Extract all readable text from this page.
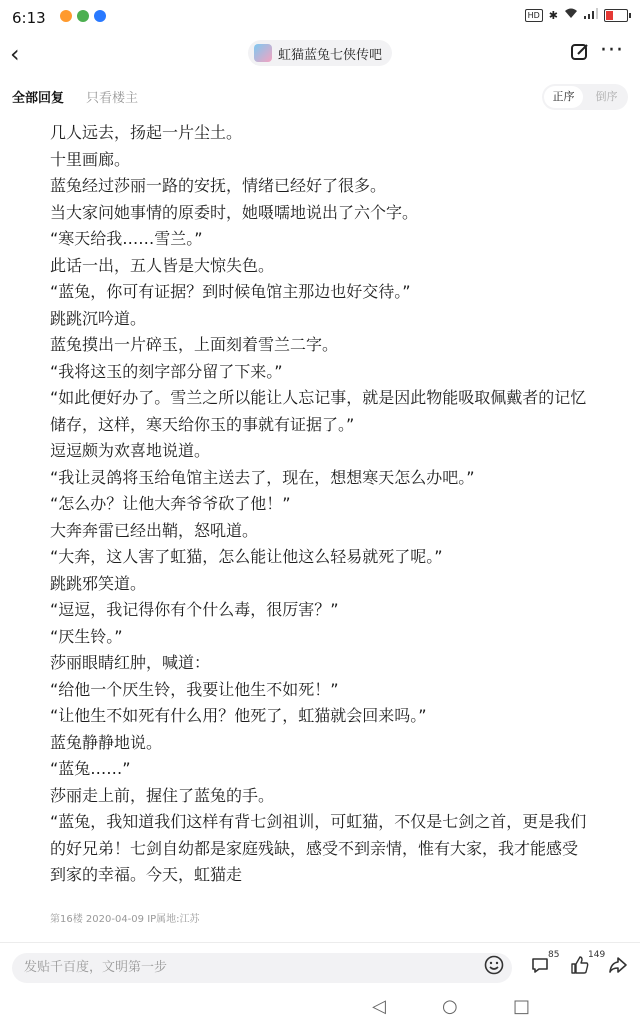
6:13	HD ✱
‹	虹猫蓝兔七侠传吧	···
全部回复 只看楼主	正序	倒序
几人远去，扬起一片尘土。
十里画廊。
蓝兔经过莎丽一路的安抚，情绪已经好了很多。
当大家问她事情的原委时，她嗫嚅地说出了六个字。
“寒天给我……雪兰。”
此话一出，五人皆是大惊失色。
“蓝兔，你可有证据？到时候龟馆主那边也好交待。”
跳跳沉吟道。
蓝兔摸出一片碎玉，上面刻着雪兰二字。
“我将这玉的刻字部分留了下来。”
“如此便好办了。雪兰之所以能让人忘记事，就是因此物能吸取佩戴者的记忆
储存，这样，寒天给你玉的事就有证据了。”
逗逗颇为欢喜地说道。
“我让灵鸽将玉给龟馆主送去了，现在，想想寒天怎么办吧。”
“怎么办？让他大奔爷爷砍了他！”
大奔奔雷已经出鞘，怒吼道。
“大奔，这人害了虹猫，怎么能让他这么轻易就死了呢。”
跳跳邪笑道。
“逗逗，我记得你有个什么毒，很厉害？”
“厌生铃。”
莎丽眼睛红肿，喊道：
“给他一个厌生铃，我要让他生不如死！”
“让他生不如死有什么用？他死了，虹猫就会回来吗。”
蓝兔静静地说。
“蓝兔……”
莎丽走上前，握住了蓝兔的手。
“蓝兔，我知道我们这样有背七剑祖训，可虹猫，不仅是七剑之首，更是我们
的好兄弟！七剑自幼都是家庭残缺，感受不到亲情，惟有大家，我才能感受
到家的幸福。今天，虹猫走
第16楼 2020-04-09 IP属地:江苏
发贴千百度，文明第一步
85	149
◁	○	□
